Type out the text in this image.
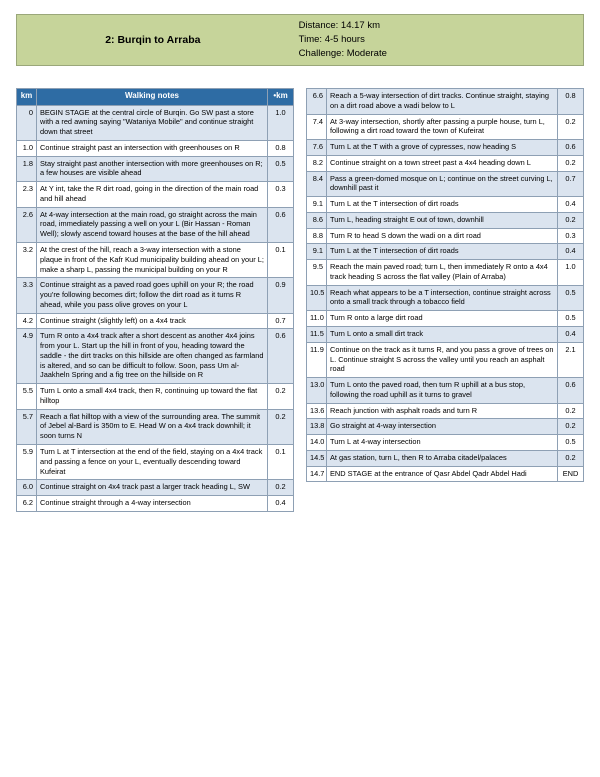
2: Burqin to Arraba
Distance: 14.17 km
Time: 4-5 hours
Challenge: Moderate
km	Walking notes	•km
0	BEGIN STAGE at the central circle of Burqin. Go SW past a store with a red awning saying "Wataniya Mobile" and continue straight down that street	1.0
1.0	Continue straight past an intersection with greenhouses on R	0.8
1.8	Stay straight past another intersection with more greenhouses on R; a few houses are visible ahead	0.5
2.3	At Y int, take the R dirt road, going in the direction of the main road and hill ahead	0.3
2.6	At 4-way intersection at the main road, go straight across the main road, immediately passing a well on your L (Bir Hassan - Roman Well); slowly ascend toward houses at the base of the hill ahead	0.6
3.2	At the crest of the hill, reach a 3-way intersection with a stone plaque in front of the Kafr Kud municipality building ahead on your L; make a sharp L, passing the municipal building on your R	0.1
3.3	Continue straight as a paved road goes uphill on your R; the road you're following becomes dirt; follow the dirt road as it turns R ahead, while you pass olive groves on your L	0.9
4.2	Continue straight (slightly left) on a 4x4 track	0.7
4.9	Turn R onto a 4x4 track after a short descent as another 4x4 joins from your L. Start up the hill in front of you, heading toward the saddle - the dirt tracks on this hillside are often changed as farmland is altered, and so can be difficult to follow. Soon, pass Um al-Jaakheln Spring and a fig tree on the hillside on R	0.6
5.5	Turn L onto a small 4x4 track, then R, continuing up toward the flat hilltop	0.2
5.7	Reach a flat hilltop with a view of the surrounding area. The summit of Jebel al-Bard is 350m to E. Head W on a 4x4 track downhill; it soon turns N	0.2
5.9	Turn L at T intersection at the end of the field, staying on a 4x4 track and passing a fence on your L, eventually descending toward Kufeirat	0.1
6.0	Continue straight on 4x4 track past a larger track heading L, SW	0.2
6.2	Continue straight through a 4-way intersection	0.4
6.6	Reach a 5-way intersection of dirt tracks. Continue straight, staying on a dirt road above a wadi below to L	0.8
7.4	At 3-way intersection, shortly after passing a purple house, turn L, following a dirt road toward the town of Kufeirat	0.2
7.6	Turn L at the T with a grove of cypresses, now heading S	0.6
8.2	Continue straight on a town street past a 4x4 heading down L	0.2
8.4	Pass a green-domed mosque on L; continue on the street curving L, downhill past it	0.7
9.1	Turn L at the T intersection of dirt roads	0.4
8.6	Turn L, heading straight E out of town, downhill	0.2
8.8	Turn R to head S down the wadi on a dirt road	0.3
9.1	Turn L at the T intersection of dirt roads	0.4
9.5	Reach the main paved road; turn L, then immediately R onto a 4x4 track heading S across the flat valley (Plain of Arraba)	1.0
10.5	Reach what appears to be a T intersection, continue straight across onto a small track through a tobacco field	0.5
11.0	Turn R onto a large dirt road	0.5
11.5	Turn L onto a small dirt track	0.4
11.9	Continue on the track as it turns R, and you pass a grove of trees on L. Continue straight S across the valley until you reach an asphalt road	2.1
13.0	Turn L onto the paved road, then turn R uphill at a bus stop, following the road uphill as it turns to gravel	0.6
13.6	Reach junction with asphalt roads and turn R	0.2
13.8	Go straight at 4-way intersection	0.2
14.0	Turn L at 4-way intersection	0.5
14.5	At gas station, turn L, then R to Arraba citadel/palaces	0.2
14.7	END STAGE at the entrance of Qasr Abdel Qadr Abdel Hadi	END
